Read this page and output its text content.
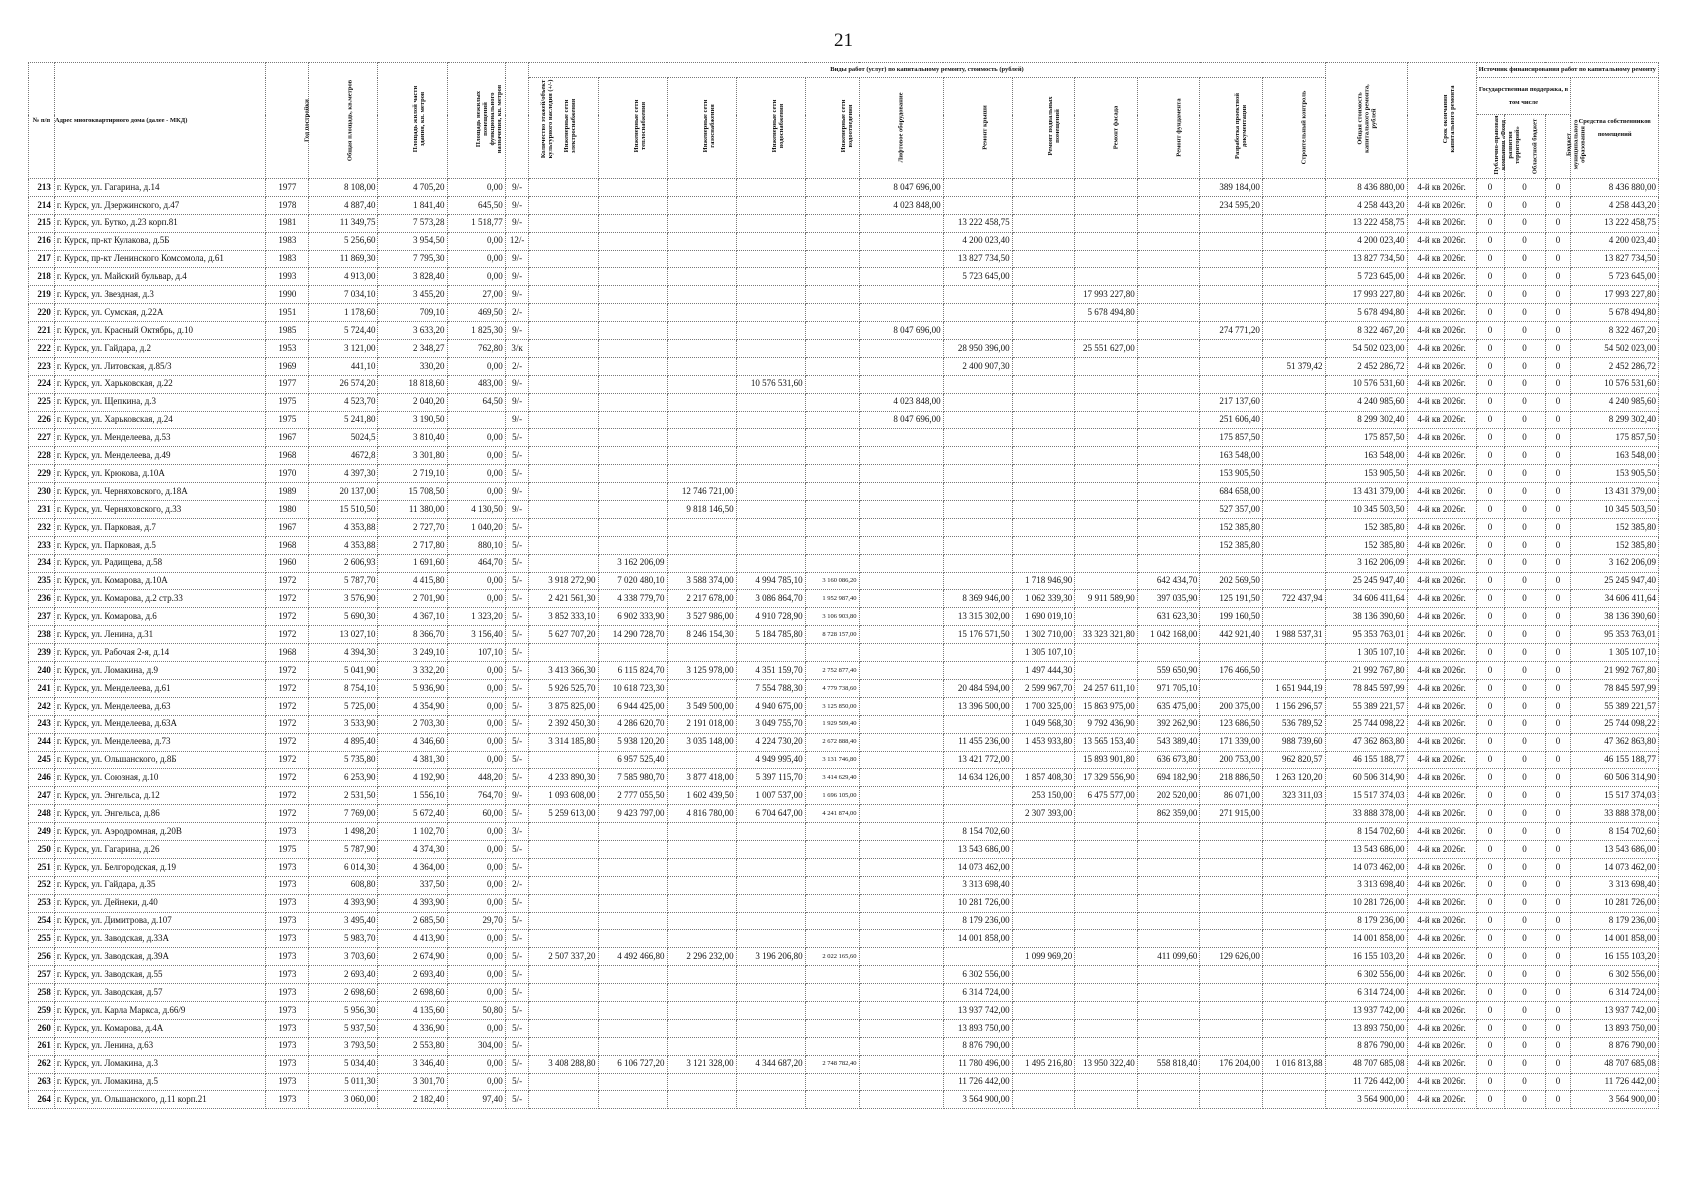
21
№ п/п	Адрес многоквартирного дома (далее - МКД)	Год постройки	Общая площадь, кв.метров	Площадь жилой части здания, кв. метров	Площадь нежилых помещений функционального назначения, кв. метров	Количество этажей/объект культурного наследия (+/-)	Виды работ (услуг) по капитальному ремонту, стоимость (рублей)												Общая стоимость капитального ремонта, рублей	Срок окончания капитального ремонта	Источник финансирования работ по капитальному ремонту			
							Инженерные сети электроснабжения	Инженерные сети теплоснабжения	Инженерные сети газоснабжения	Инженерные сети водоснабжения	Инженерные сети водоотведения	Лифтовое оборудование	Ремонт крыши	Ремонт подвальных помещений	Ремонт фасада	Ремонт фундамента	Разработка проектной документации	Строительный контроль			Государственная поддержка, в том числе			Средства собственников помещений
																					Публично-правовая компания «Фонд развития территорий»	Областной бюджет	Бюджет муниципального образования	
213	г. Курск, ул. Гагарина, д.14	1977	8 108,00	4 705,20	0,00	9/-						8 047 696,00					389 184,00		8 436 880,00	4-й кв 2026г.	0	0	0	8 436 880,00
214	г. Курск, ул. Дзержинского, д.47	1978	4 887,40	1 841,40	645,50	9/-						4 023 848,00					234 595,20		4 258 443,20	4-й кв 2026г.	0	0	0	4 258 443,20
215	г. Курск, ул. Бутко, д.23 корп.81	1981	11 349,75	7 573,28	1 518,77	9/-							13 222 458,75						13 222 458,75	4-й кв 2026г.	0	0	0	13 222 458,75
216	г. Курск, пр-кт Кулакова, д.5Б	1983	5 256,60	3 954,50	0,00	12/-							4 200 023,40						4 200 023,40	4-й кв 2026г.	0	0	0	4 200 023,40
217	г. Курск, пр-кт Ленинского Комсомола, д.61	1983	11 869,30	7 795,30	0,00	9/-							13 827 734,50						13 827 734,50	4-й кв 2026г.	0	0	0	13 827 734,50
218	г. Курск, ул. Майский бульвар, д.4	1993	4 913,00	3 828,40	0,00	9/-							5 723 645,00						5 723 645,00	4-й кв 2026г.	0	0	0	5 723 645,00
219	г. Курск, ул. Звездная, д.3	1990	7 034,10	3 455,20	27,00	9/-									17 993 227,80				17 993 227,80	4-й кв 2026г.	0	0	0	17 993 227,80
220	г. Курск, ул. Сумская, д.22А	1951	1 178,60	709,10	469,50	2/-									5 678 494,80				5 678 494,80	4-й кв 2026г.	0	0	0	5 678 494,80
221	г. Курск, ул. Красный Октябрь, д.10	1985	5 724,40	3 633,20	1 825,30	9/-						8 047 696,00					274 771,20		8 322 467,20	4-й кв 2026г.	0	0	0	8 322 467,20
222	г. Курск, ул. Гайдара, д.2	1953	3 121,00	2 348,27	762,80	3/к							28 950 396,00		25 551 627,00				54 502 023,00	4-й кв 2026г.	0	0	0	54 502 023,00
223	г. Курск, ул. Литовская, д.85/3	1969	441,10	330,20	0,00	2/-							2 400 907,30					51 379,42	2 452 286,72	4-й кв 2026г.	0	0	0	2 452 286,72
224	г. Курск, ул. Харьковская, д.22	1977	26 574,20	18 818,60	483,00	9/-				10 576 531,60									10 576 531,60	4-й кв 2026г.	0	0	0	10 576 531,60
225	г. Курск, ул. Щепкина, д.3	1975	4 523,70	2 040,20	64,50	9/-						4 023 848,00					217 137,60		4 240 985,60	4-й кв 2026г.	0	0	0	4 240 985,60
226	г. Курск, ул. Харьковская, д.24	1975	5 241,80	3 190,50		9/-						8 047 696,00					251 606,40		8 299 302,40	4-й кв 2026г.	0	0	0	8 299 302,40
227	г. Курск, ул. Менделеева, д.53	1967	5024,5	3 810,40	0,00	5/-											175 857,50		175 857,50	4-й кв 2026г.	0	0	0	175 857,50
228	г. Курск, ул. Менделеева, д.49	1968	4672,8	3 301,80	0,00	5/-											163 548,00		163 548,00	4-й кв 2026г.	0	0	0	163 548,00
229	г. Курск, ул. Крюкова, д.10А	1970	4 397,30	2 719,10	0,00	5/-											153 905,50		153 905,50	4-й кв 2026г.	0	0	0	153 905,50
230	г. Курск, ул. Черняховского, д.18А	1989	20 137,00	15 708,50	0,00	9/-			12 746 721,00								684 658,00		13 431 379,00	4-й кв 2026г.	0	0	0	13 431 379,00
231	г. Курск, ул. Черняховского, д.33	1980	15 510,50	11 380,00	4 130,50	9/-			9 818 146,50								527 357,00		10 345 503,50	4-й кв 2026г.	0	0	0	10 345 503,50
232	г. Курск, ул. Парковая, д.7	1967	4 353,88	2 727,70	1 040,20	5/-											152 385,80		152 385,80	4-й кв 2026г.	0	0	0	152 385,80
233	г. Курск, ул. Парковая, д.5	1968	4 353,88	2 717,80	880,10	5/-											152 385,80		152 385,80	4-й кв 2026г.	0	0	0	152 385,80
234	г. Курск, ул. Радищева, д.58	1960	2 606,93	1 691,60	464,70	5/-		3 162 206,09											3 162 206,09	4-й кв 2026г.	0	0	0	3 162 206,09
235	г. Курск, ул. Комарова, д.10А	1972	5 787,70	4 415,80	0,00	5/-	3 918 272,90	7 020 480,10	3 588 374,00	4 994 785,10	3 160 086,20			1 718 946,90		642 434,70	202 569,50		25 245 947,40	4-й кв 2026г.	0	0	0	25 245 947,40
236	г. Курск, ул. Комарова, д.2 стр.33	1972	3 576,90	2 701,90	0,00	5/-	2 421 561,30	4 338 779,70	2 217 678,00	3 086 864,70	1 952 987,40		8 369 946,00	1 062 339,30	9 911 589,90	397 035,90	125 191,50	722 437,94	34 606 411,64	4-й кв 2026г.	0	0	0	34 606 411,64
237	г. Курск, ул. Комарова, д.6	1972	5 690,30	4 367,10	1 323,20	5/-	3 852 333,10	6 902 333,90	3 527 986,00	4 910 728,90	3 106 903,80		13 315 302,00	1 690 019,10		631 623,30	199 160,50		38 136 390,60	4-й кв 2026г.	0	0	0	38 136 390,60
238	г. Курск, ул. Ленина, д.31	1972	13 027,10	8 366,70	3 156,40	5/-	5 627 707,20	14 290 728,70	8 246 154,30	5 184 785,80	8 728 157,00		15 176 571,50	1 302 710,00	33 323 321,80	1 042 168,00	442 921,40	1 988 537,31	95 353 763,01	4-й кв 2026г.	0	0	0	95 353 763,01
239	г. Курск, ул. Рабочая 2-я, д.14	1968	4 394,30	3 249,10	107,10	5/-								1 305 107,10					1 305 107,10	4-й кв 2026г.	0	0	0	1 305 107,10
240	г. Курск, ул. Ломакина, д.9	1972	5 041,90	3 332,20	0,00	5/-	3 413 366,30	6 115 824,70	3 125 978,00	4 351 159,70	2 752 877,40			1 497 444,30		559 650,90	176 466,50		21 992 767,80	4-й кв 2026г.	0	0	0	21 992 767,80
241	г. Курск, ул. Менделеева, д.61	1972	8 754,10	5 936,90	0,00	5/-	5 926 525,70	10 618 723,30		7 554 788,30	4 779 738,60		20 484 594,00	2 599 967,70	24 257 611,10	971 705,10		1 651 944,19	78 845 597,99	4-й кв 2026г.	0	0	0	78 845 597,99
242	г. Курск, ул. Менделеева, д.63	1972	5 725,00	4 354,90	0,00	5/-	3 875 825,00	6 944 425,00	3 549 500,00	4 940 675,00	3 125 850,00		13 396 500,00	1 700 325,00	15 863 975,00	635 475,00	200 375,00	1 156 296,57	55 389 221,57	4-й кв 2026г.	0	0	0	55 389 221,57
243	г. Курск, ул. Менделеева, д.63А	1972	3 533,90	2 703,30	0,00	5/-	2 392 450,30	4 286 620,70	2 191 018,00	3 049 755,70	1 929 509,40			1 049 568,30	9 792 436,90	392 262,90	123 686,50	536 789,52	25 744 098,22	4-й кв 2026г.	0	0	0	25 744 098,22
244	г. Курск, ул. Менделеева, д.73	1972	4 895,40	4 346,60	0,00	5/-	3 314 185,80	5 938 120,20	3 035 148,00	4 224 730,20	2 672 888,40		11 455 236,00	1 453 933,80	13 565 153,40	543 389,40	171 339,00	988 739,60	47 362 863,80	4-й кв 2026г.	0	0	0	47 362 863,80
245	г. Курск, ул. Ольшанского, д.8Б	1972	5 735,80	4 381,30	0,00	5/-		6 957 525,40		4 949 995,40	3 131 746,80		13 421 772,00		15 893 901,80	636 673,80	200 753,00	962 820,57	46 155 188,77	4-й кв 2026г.	0	0	0	46 155 188,77
246	г. Курск, ул. Союзная, д.10	1972	6 253,90	4 192,90	448,20	5/-	4 233 890,30	7 585 980,70	3 877 418,00	5 397 115,70	3 414 629,40		14 634 126,00	1 857 408,30	17 329 556,90	694 182,90	218 886,50	1 263 120,20	60 506 314,90	4-й кв 2026г.	0	0	0	60 506 314,90
247	г. Курск, ул. Энгельса, д.12	1972	2 531,50	1 556,10	764,70	9/-	1 093 608,00	2 777 055,50	1 602 439,50	1 007 537,00	1 696 105,00			253 150,00	6 475 577,00	202 520,00	86 071,00	323 311,03	15 517 374,03	4-й кв 2026г.	0	0	0	15 517 374,03
248	г. Курск, ул. Энгельса, д.86	1972	7 769,00	5 672,40	60,00	5/-	5 259 613,00	9 423 797,00	4 816 780,00	6 704 647,00	4 241 874,00			2 307 393,00		862 359,00	271 915,00		33 888 378,00	4-й кв 2026г.	0	0	0	33 888 378,00
249	г. Курск, ул. Аэродромная, д.20В	1973	1 498,20	1 102,70	0,00	3/-							8 154 702,60						8 154 702,60	4-й кв 2026г.	0	0	0	8 154 702,60
250	г. Курск, ул. Гагарина, д.26	1975	5 787,90	4 374,30	0,00	5/-							13 543 686,00						13 543 686,00	4-й кв 2026г.	0	0	0	13 543 686,00
251	г. Курск, ул. Белгородская, д.19	1973	6 014,30	4 364,00	0,00	5/-							14 073 462,00						14 073 462,00	4-й кв 2026г.	0	0	0	14 073 462,00
252	г. Курск, ул. Гайдара, д.35	1973	608,80	337,50	0,00	2/-							3 313 698,40						3 313 698,40	4-й кв 2026г.	0	0	0	3 313 698,40
253	г. Курск, ул. Дейнеки, д.40	1973	4 393,90	4 393,90	0,00	5/-							10 281 726,00						10 281 726,00	4-й кв 2026г.	0	0	0	10 281 726,00
254	г. Курск, ул. Димитрова, д.107	1973	3 495,40	2 685,50	29,70	5/-							8 179 236,00						8 179 236,00	4-й кв 2026г.	0	0	0	8 179 236,00
255	г. Курск, ул. Заводская, д.33А	1973	5 983,70	4 413,90	0,00	5/-							14 001 858,00						14 001 858,00	4-й кв 2026г.	0	0	0	14 001 858,00
256	г. Курск, ул. Заводская, д.39А	1973	3 703,60	2 674,90	0,00	5/-	2 507 337,20	4 492 466,80	2 296 232,00	3 196 206,80	2 022 165,60			1 099 969,20		411 099,60	129 626,00		16 155 103,20	4-й кв 2026г.	0	0	0	16 155 103,20
257	г. Курск, ул. Заводская, д.55	1973	2 693,40	2 693,40	0,00	5/-							6 302 556,00						6 302 556,00	4-й кв 2026г.	0	0	0	6 302 556,00
258	г. Курск, ул. Заводская, д.57	1973	2 698,60	2 698,60	0,00	5/-							6 314 724,00						6 314 724,00	4-й кв 2026г.	0	0	0	6 314 724,00
259	г. Курск, ул. Карла Маркса, д.66/9	1973	5 956,30	4 135,60	50,80	5/-							13 937 742,00						13 937 742,00	4-й кв 2026г.	0	0	0	13 937 742,00
260	г. Курск, ул. Комарова, д.4А	1973	5 937,50	4 336,90	0,00	5/-							13 893 750,00						13 893 750,00	4-й кв 2026г.	0	0	0	13 893 750,00
261	г. Курск, ул. Ленина, д.63	1973	3 793,50	2 553,80	304,00	5/-							8 876 790,00						8 876 790,00	4-й кв 2026г.	0	0	0	8 876 790,00
262	г. Курск, ул. Ломакина, д.3	1973	5 034,40	3 346,40	0,00	5/-	3 408 288,80	6 106 727,20	3 121 328,00	4 344 687,20	2 748 782,40		11 780 496,00	1 495 216,80	13 950 322,40	558 818,40	176 204,00	1 016 813,88	48 707 685,08	4-й кв 2026г.	0	0	0	48 707 685,08
263	г. Курск, ул. Ломакина, д.5	1973	5 011,30	3 301,70	0,00	5/-							11 726 442,00						11 726 442,00	4-й кв 2026г.	0	0	0	11 726 442,00
264	г. Курск, ул. Ольшанского, д.11 корп.21	1973	3 060,00	2 182,40	97,40	5/-							3 564 900,00						3 564 900,00	4-й кв 2026г.	0	0	0	3 564 900,00
